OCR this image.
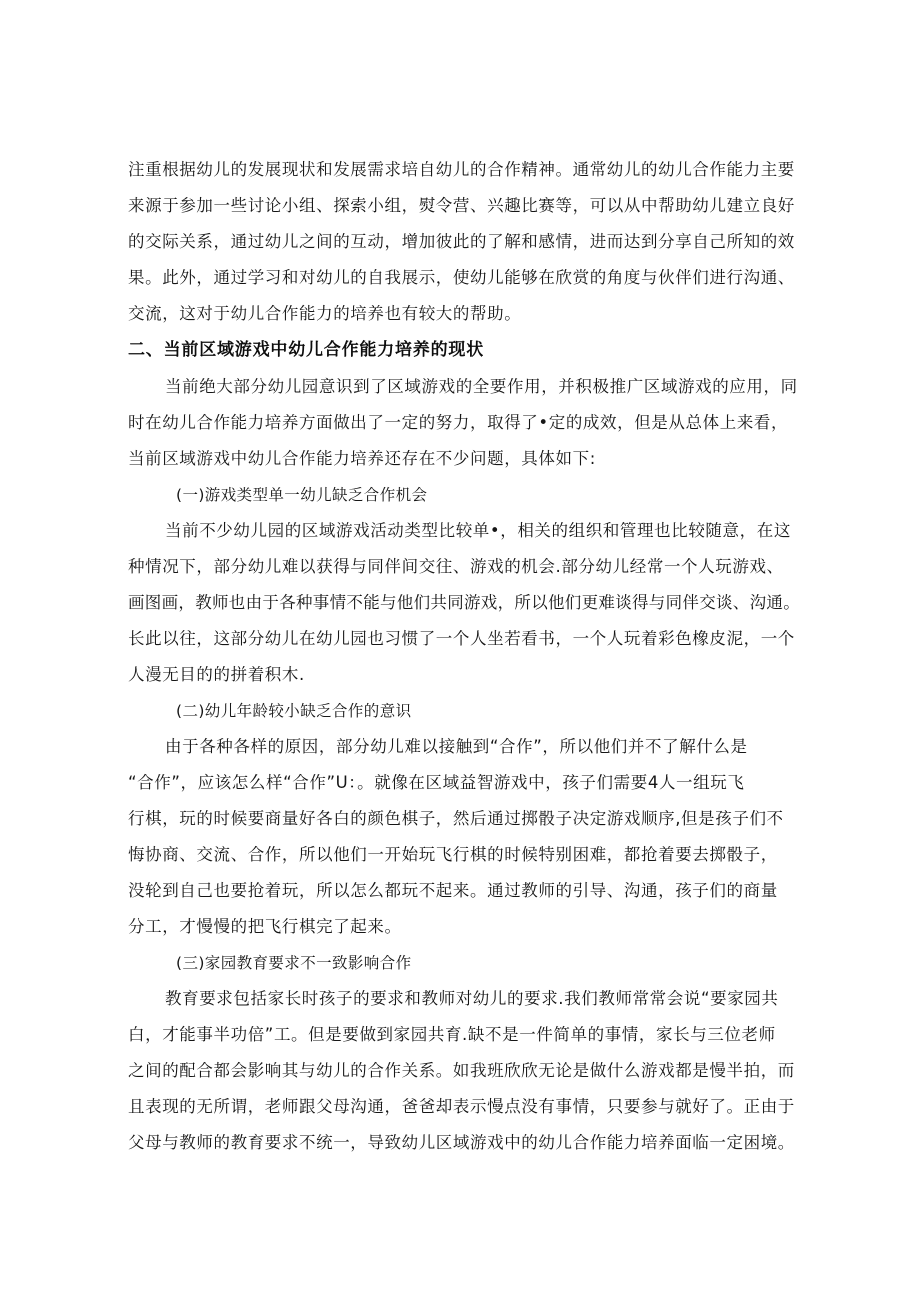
注重根据幼儿的发展现状和发展需求培自幼儿的合作精神。通常幼儿的幼儿合作能力主要
来源于参加一些讨论小组、探索小组，熨令营、兴趣比赛等，可以从中帮助幼儿建立良好
的交际关系，通过幼儿之间的互动，增加彼此的了解和感情，进而达到分享自己所知的效
果。此外，通过学习和对幼儿的自我展示，使幼儿能够在欣赏的角度与伙伴们进行沟通、
交流，这对于幼儿合作能力的培养也有较大的帮助。
二、当前区域游戏中幼儿合作能力培养的现状
当前绝大部分幼儿园意识到了区域游戏的全要作用，并积极推广区域游戏的应用，同
时在幼儿合作能力培养方面做出了一定的努力，取得了•定的成效，但是从总体上来看，
当前区域游戏中幼儿合作能力培养还存在不少问题，具体如下:
(一)游戏类型单一幼儿缺乏合作机会
当前不少幼儿园的区域游戏活动类型比较单•，相关的组织和管理也比较随意，在这
种情况下，部分幼儿难以获得与同伴间交往、游戏的机会.部分幼儿经常一个人玩游戏、
画图画，教师也由于各种事情不能与他们共同游戏，所以他们更难谈得与同伴交谈、沟通。
长此以往，这部分幼儿在幼儿园也习惯了一个人坐若看书，一个人玩着彩色橡皮泥，一个
人漫无目的的拼着积木.
(二)幼儿年龄较小缺乏合作的意识
由于各种各样的原因，部分幼儿难以接触到“合作”，所以他们并不了解什么是
“合作”，应该怎么样“合作”U：。就像在区域益智游戏中，孩子们需要4人一组玩飞
行棋，玩的时候要商量好各白的颜色棋子，然后通过掷骰子决定游戏顺序,但是孩子们不
悔协商、交流、合作，所以他们一开始玩飞行棋的时候特别困难，都抢着要去掷骰子，
没轮到自己也要抢着玩，所以怎么都玩不起来。通过教师的引导、沟通，孩子们的商量
分工，才慢慢的把飞行棋完了起来。
(三)家园教育要求不一致影响合作
教育要求包括家长时孩子的要求和教师对幼儿的要求.我们教师常常会说“要家园共
白，才能事半功倍”工。但是要做到家园共育.缺不是一件简单的事情，家长与三位老师
之间的配合都会影响其与幼儿的合作关系。如我班欣欣无论是做什么游戏都是慢半拍，而
且表现的无所谓，老师跟父母沟通，爸爸却表示慢点没有事情，只要参与就好了。正由于
父母与教师的教育要求不统一，导致幼儿区域游戏中的幼儿合作能力培养面临一定困境。
